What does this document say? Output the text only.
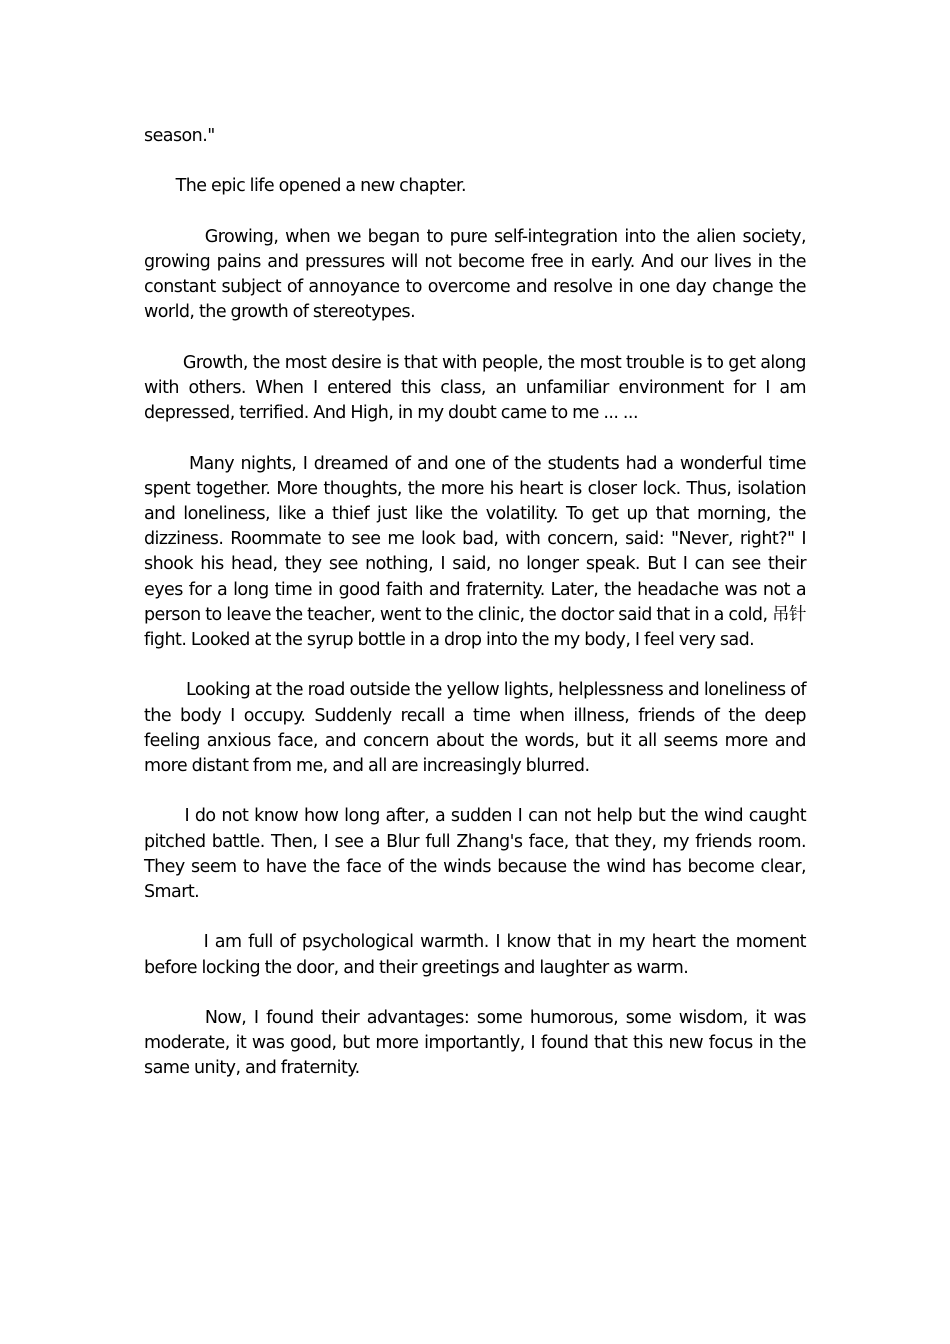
season."

The epic life opened a new chapter.

Growing, when we began to pure self-integration into the alien society, growing pains and pressures will not become free in early. And our lives in the constant subject of annoyance to overcome and resolve in one day change the world, the growth of stereotypes.

Growth, the most desire is that with people, the most trouble is to get along with others. When I entered this class, an unfamiliar environment for I am depressed, terrified. And High, in my doubt came to me ... ...

Many nights, I dreamed of and one of the students had a wonderful time spent together. More thoughts, the more his heart is closer lock. Thus, isolation and loneliness, like a thief just like the volatility. To get up that morning, the dizziness. Roommate to see me look bad, with concern, said: "Never, right?" I shook his head, they see nothing, I said, no longer speak. But I can see their eyes for a long time in good faith and fraternity. Later, the headache was not a person to leave the teacher, went to the clinic, the doctor said that in a cold, 吊针 fight. Looked at the syrup bottle in a drop into the my body, I feel very sad.

Looking at the road outside the yellow lights, helplessness and loneliness of the body I occupy. Suddenly recall a time when illness, friends of the deep feeling anxious face, and concern about the words, but it all seems more and more distant from me, and all are increasingly blurred.

I do not know how long after, a sudden I can not help but the wind caught pitched battle. Then, I see a Blur full Zhang's face, that they, my friends room. They seem to have the face of the winds because the wind has become clear, Smart.

I am full of psychological warmth. I know that in my heart the moment before locking the door, and their greetings and laughter as warm.

Now, I found their advantages: some humorous, some wisdom, it was moderate, it was good, but more importantly, I found that this new focus in the same unity, and fraternity.
